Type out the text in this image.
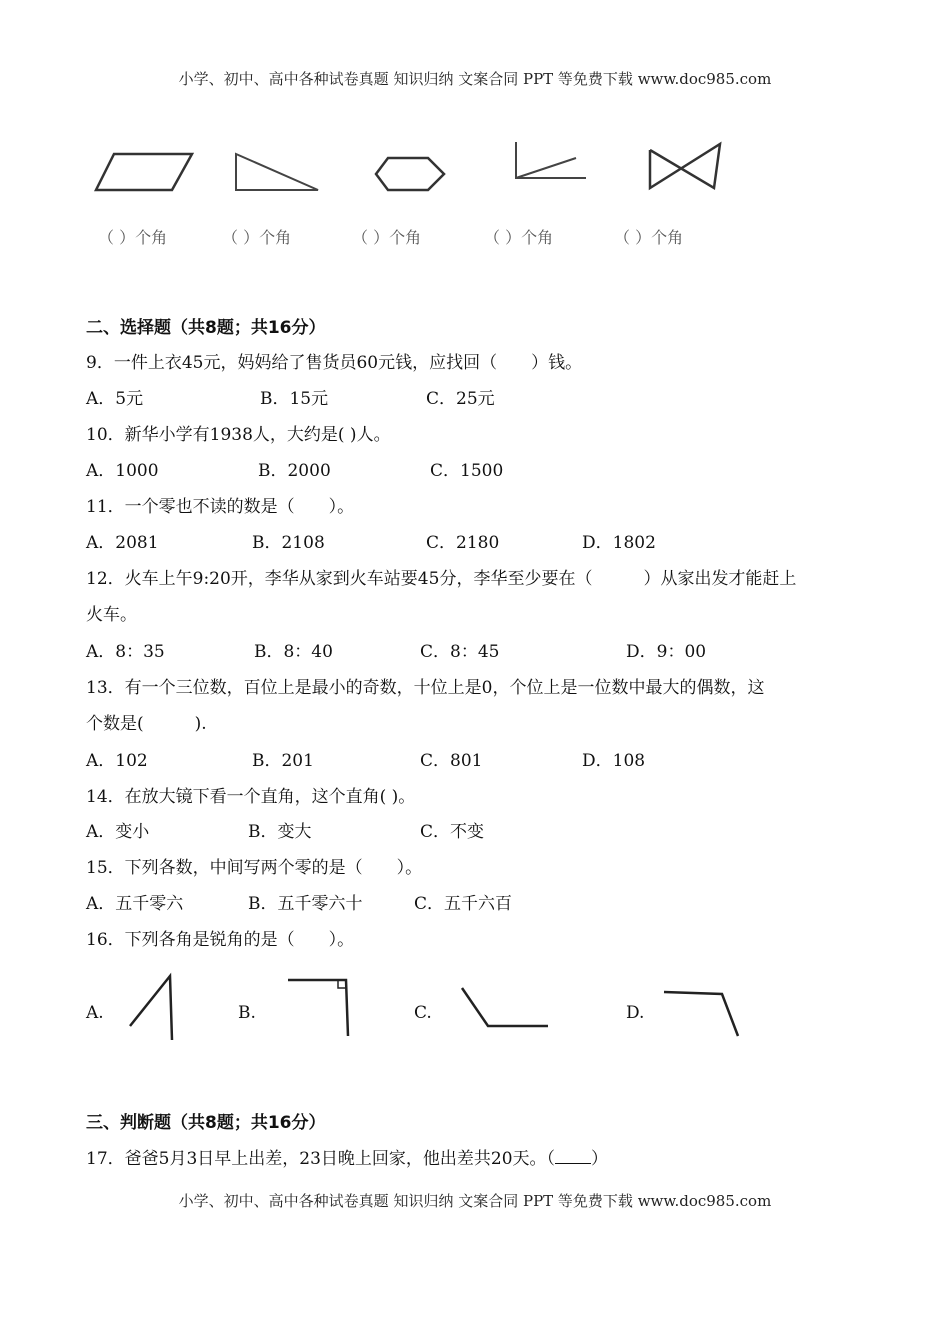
小学、初中、高中各种试卷真题 知识归纳 文案合同 PPT 等免费下载 www.doc985.com
（ ）个角	（ ）个角	（ ）个角	（ ）个角	（ ）个角
二、选择题（共8题；共16分）
9．一件上衣45元，妈妈给了售货员60元钱，应找回（　　）钱。
A．5元	B．15元	C．25元
10．新华小学有1938人，大约是( )人。
A．1000	B．2000	C．1500
11．一个零也不读的数是（　　）。
A．2081	B．2108	C．2180	D．1802
12．火车上午9:20开，李华从家到火车站要45分，李华至少要在（　　　）从家出发才能赶上
火车。
A．8：35	B．8：40	C．8：45	D．9：00
13．有一个三位数，百位上是最小的奇数，十位上是0，个位上是一位数中最大的偶数，这
个数是(　　　).
A．102	B．201	C．801	D．108
14．在放大镜下看一个直角，这个直角( )。
A．变小	B．变大	C．不变
15．下列各数，中间写两个零的是（　　）。
A．五千零六	B．五千零六十	C．五千六百
16．下列各角是锐角的是（　　）。
A.	B.	C.	D.
三、判断题（共8题；共16分）
17．爸爸5月3日早上出差，23日晚上回家，他出差共20天。（ ）
小学、初中、高中各种试卷真题 知识归纳 文案合同 PPT 等免费下载 www.doc985.com
